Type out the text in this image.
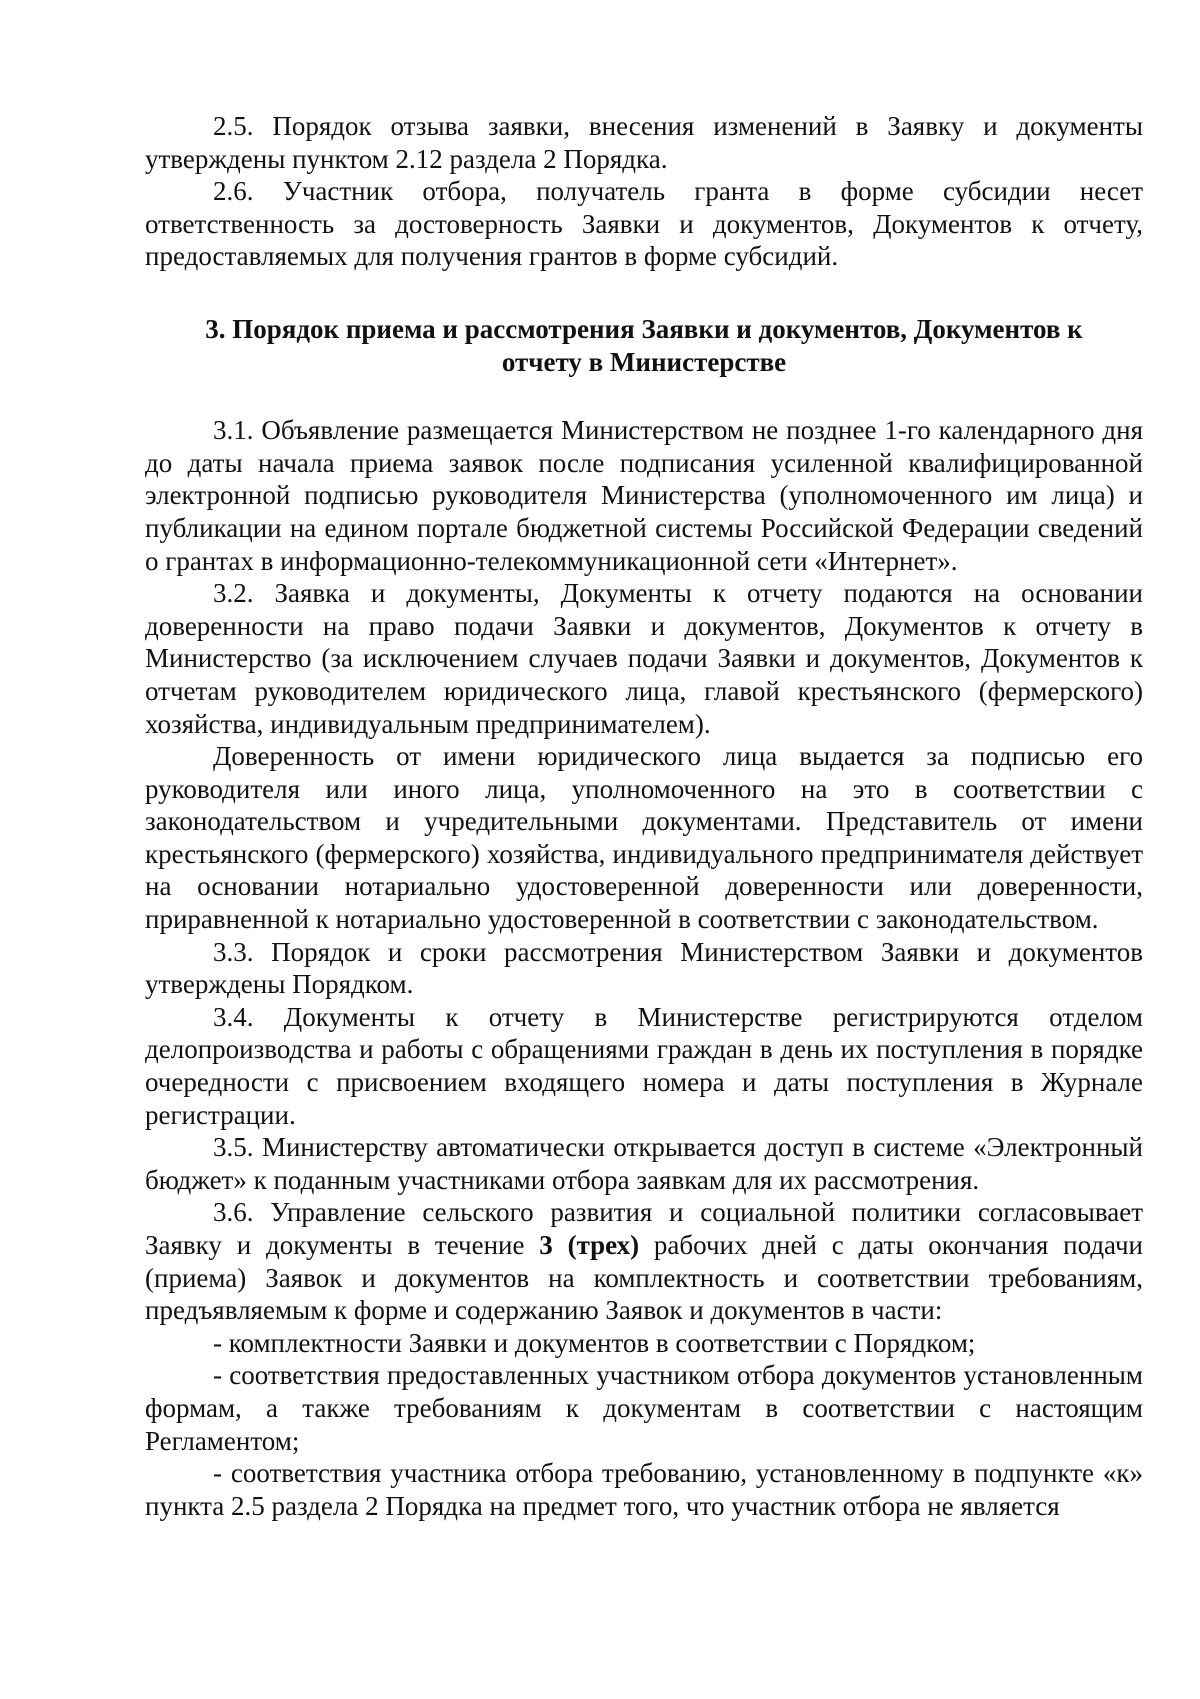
2.5. Порядок отзыва заявки, внесения изменений в Заявку и документы утверждены пунктом 2.12 раздела 2 Порядка.

2.6. Участник отбора, получатель гранта в форме субсидии несет ответственность за достоверность Заявки и документов, Документов к отчету, предоставляемых для получения грантов в форме субсидий.

3. Порядок приема и рассмотрения Заявки и документов, Документов к
отчету в Министерстве

3.1. Объявление размещается Министерством не позднее 1-го календарного дня до даты начала приема заявок после подписания усиленной квалифицированной электронной подписью руководителя Министерства (уполномоченного им лица) и публикации на едином портале бюджетной системы Российской Федерации сведений о грантах в информационно-телекоммуникационной сети «Интернет».

3.2. Заявка и документы, Документы к отчету подаются на основании доверенности на право подачи Заявки и документов, Документов к отчету в Министерство (за исключением случаев подачи Заявки и документов, Документов к отчетам руководителем юридического лица, главой крестьянского (фермерского) хозяйства, индивидуальным предпринимателем).

Доверенность от имени юридического лица выдается за подписью его руководителя или иного лица, уполномоченного на это в соответствии с законодательством и учредительными документами. Представитель от имени крестьянского (фермерского) хозяйства, индивидуального предпринимателя действует на основании нотариально удостоверенной доверенности или доверенности, приравненной к нотариально удостоверенной в соответствии с законодательством.

3.3. Порядок и сроки рассмотрения Министерством Заявки и документов утверждены Порядком.

3.4. Документы к отчету в Министерстве регистрируются отделом делопроизводства и работы с обращениями граждан в день их поступления в порядке очередности с присвоением входящего номера и даты поступления в Журнале регистрации.

3.5. Министерству автоматически открывается доступ в системе «Электронный бюджет» к поданным участниками отбора заявкам для их рассмотрения.

3.6. Управление сельского развития и социальной политики согласовывает Заявку и документы в течение 3 (трех) рабочих дней с даты окончания подачи (приема) Заявок и документов на комплектность и соответствии требованиям, предъявляемым к форме и содержанию Заявок и документов в части:

- комплектности Заявки и документов в соответствии с Порядком;

- соответствия предоставленных участником отбора документов установленным формам, а также требованиям к документам в соответствии с настоящим Регламентом;

- соответствия участника отбора требованию, установленному в подпункте «к» пункта 2.5 раздела 2 Порядка на предмет того, что участник отбора не является
